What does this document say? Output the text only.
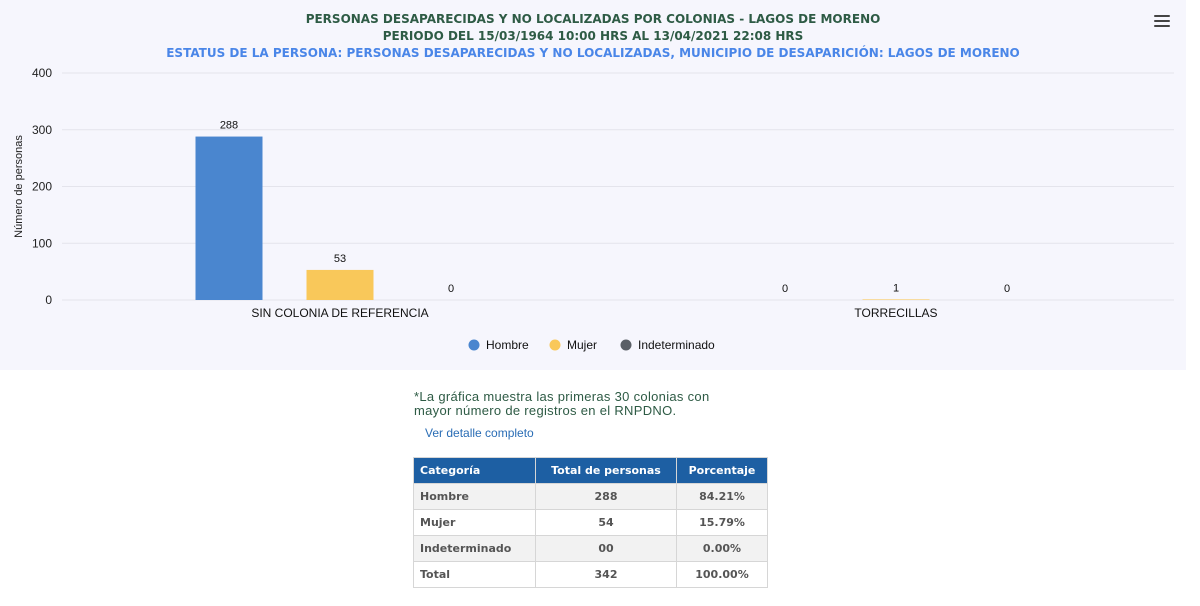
PERSONAS DESAPARECIDAS Y NO LOCALIZADAS POR COLONIAS - LAGOS DE MORENO
PERIODO DEL 15/03/1964 10:00 HRS AL 13/04/2021 22:08 HRS
ESTATUS DE LA PERSONA: PERSONAS DESAPARECIDAS Y NO LOCALIZADAS, MUNICIPIO DE DESAPARICIÓN: LAGOS DE MORENO
0
100
200
300
400
Número de personas
288
53
0
SIN COLONIA DE REFERENCIA
0	1	0
TORRECILLAS
Hombre	Mujer	Indeterminado
*La gráfica muestra las primeras 30 colonias con
mayor número de registros en el RNPDNO.
Ver detalle completo
Categoría	Total de personas	Porcentaje
Hombre	288	84.21%
Mujer	54	15.79%
Indeterminado	00	0.00%
Total	342	100.00%
